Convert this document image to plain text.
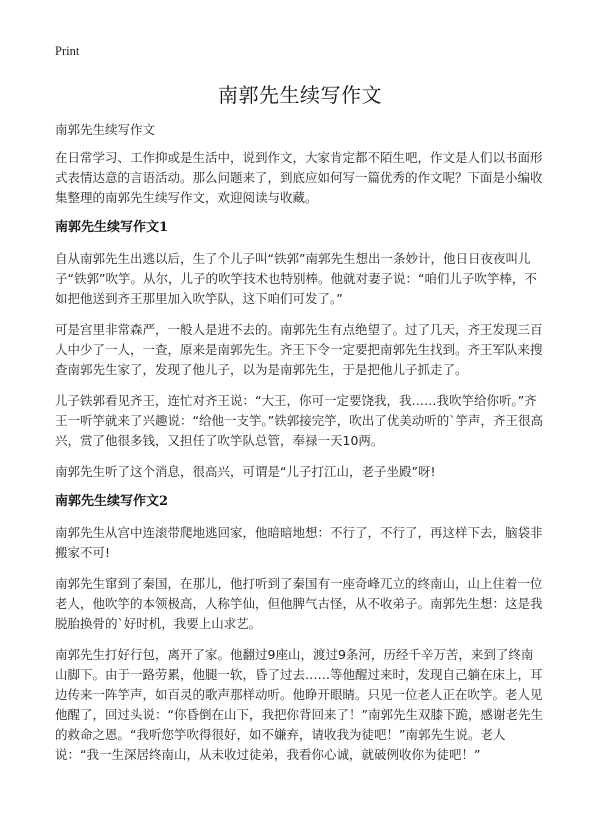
Print
南郭先生续写作文

南郭先生续写作文

在日常学习、工作抑或是生活中，说到作文，大家肯定都不陌生吧，作文是人们以书面形式表情达意的言语活动。那么问题来了，到底应如何写一篇优秀的作文呢？下面是小编收集整理的南郭先生续写作文，欢迎阅读与收藏。

南郭先生续写作文1

自从南郭先生出逃以后，生了个儿子叫“铁郭”南郭先生想出一条妙计，他日日夜夜叫儿子“铁郭”吹竽。从尔，儿子的吹竽技术也特别棒。他就对妻子说：“咱们儿子吹竽棒，不如把他送到齐王那里加入吹竽队，这下咱们可发了。”

可是宫里非常森严，一般人是进不去的。南郭先生有点绝望了。过了几天，齐王发现三百人中少了一人，一查，原来是南郭先生。齐王下令一定要把南郭先生找到。齐王军队来搜查南郭先生家了，发现了他儿子，以为是南郭先生，于是把他儿子抓走了。

儿子铁郭看见齐王，连忙对齐王说：“大王，你可一定要饶我，我……我吹竽给你听。”齐王一听竽就来了兴趣说：“给他一支竽。”铁郭接完竽，吹出了优美动听的`竽声，齐王很高兴，赏了他很多钱，又担任了吹竽队总管，奉禄一天10两。

南郭先生听了这个消息，很高兴，可谓是“儿子打江山，老子坐殿”呀!

南郭先生续写作文2

南郭先生从宫中连滚带爬地逃回家，他暗暗地想：不行了，不行了，再这样下去，脑袋非搬家不可!

南郭先生窜到了秦国，在那儿，他打听到了秦国有一座奇峰兀立的终南山，山上住着一位老人，他吹竽的本领极高，人称竽仙，但他脾气古怪，从不收弟子。南郭先生想：这是我脱胎换骨的`好时机，我要上山求艺。

南郭先生打好行包，离开了家。他翻过9座山，渡过9条河，历经千辛万苦，来到了终南山脚下。由于一路劳累，他腿一软，昏了过去……等他醒过来时，发现自己躺在床上，耳边传来一阵竽声，如百灵的歌声那样动听。他睁开眼睛。只见一位老人正在吹竽。老人见他醒了，回过头说：“你昏倒在山下，我把你背回来了！”南郭先生双膝下跪，感谢老先生的救命之恩。“我听您竽吹得很好，如不嫌弃，请收我为徒吧！”南郭先生说。老人说：“我一生深居终南山，从未收过徒弟，我看你心诚，就破例收你为徒吧！”
